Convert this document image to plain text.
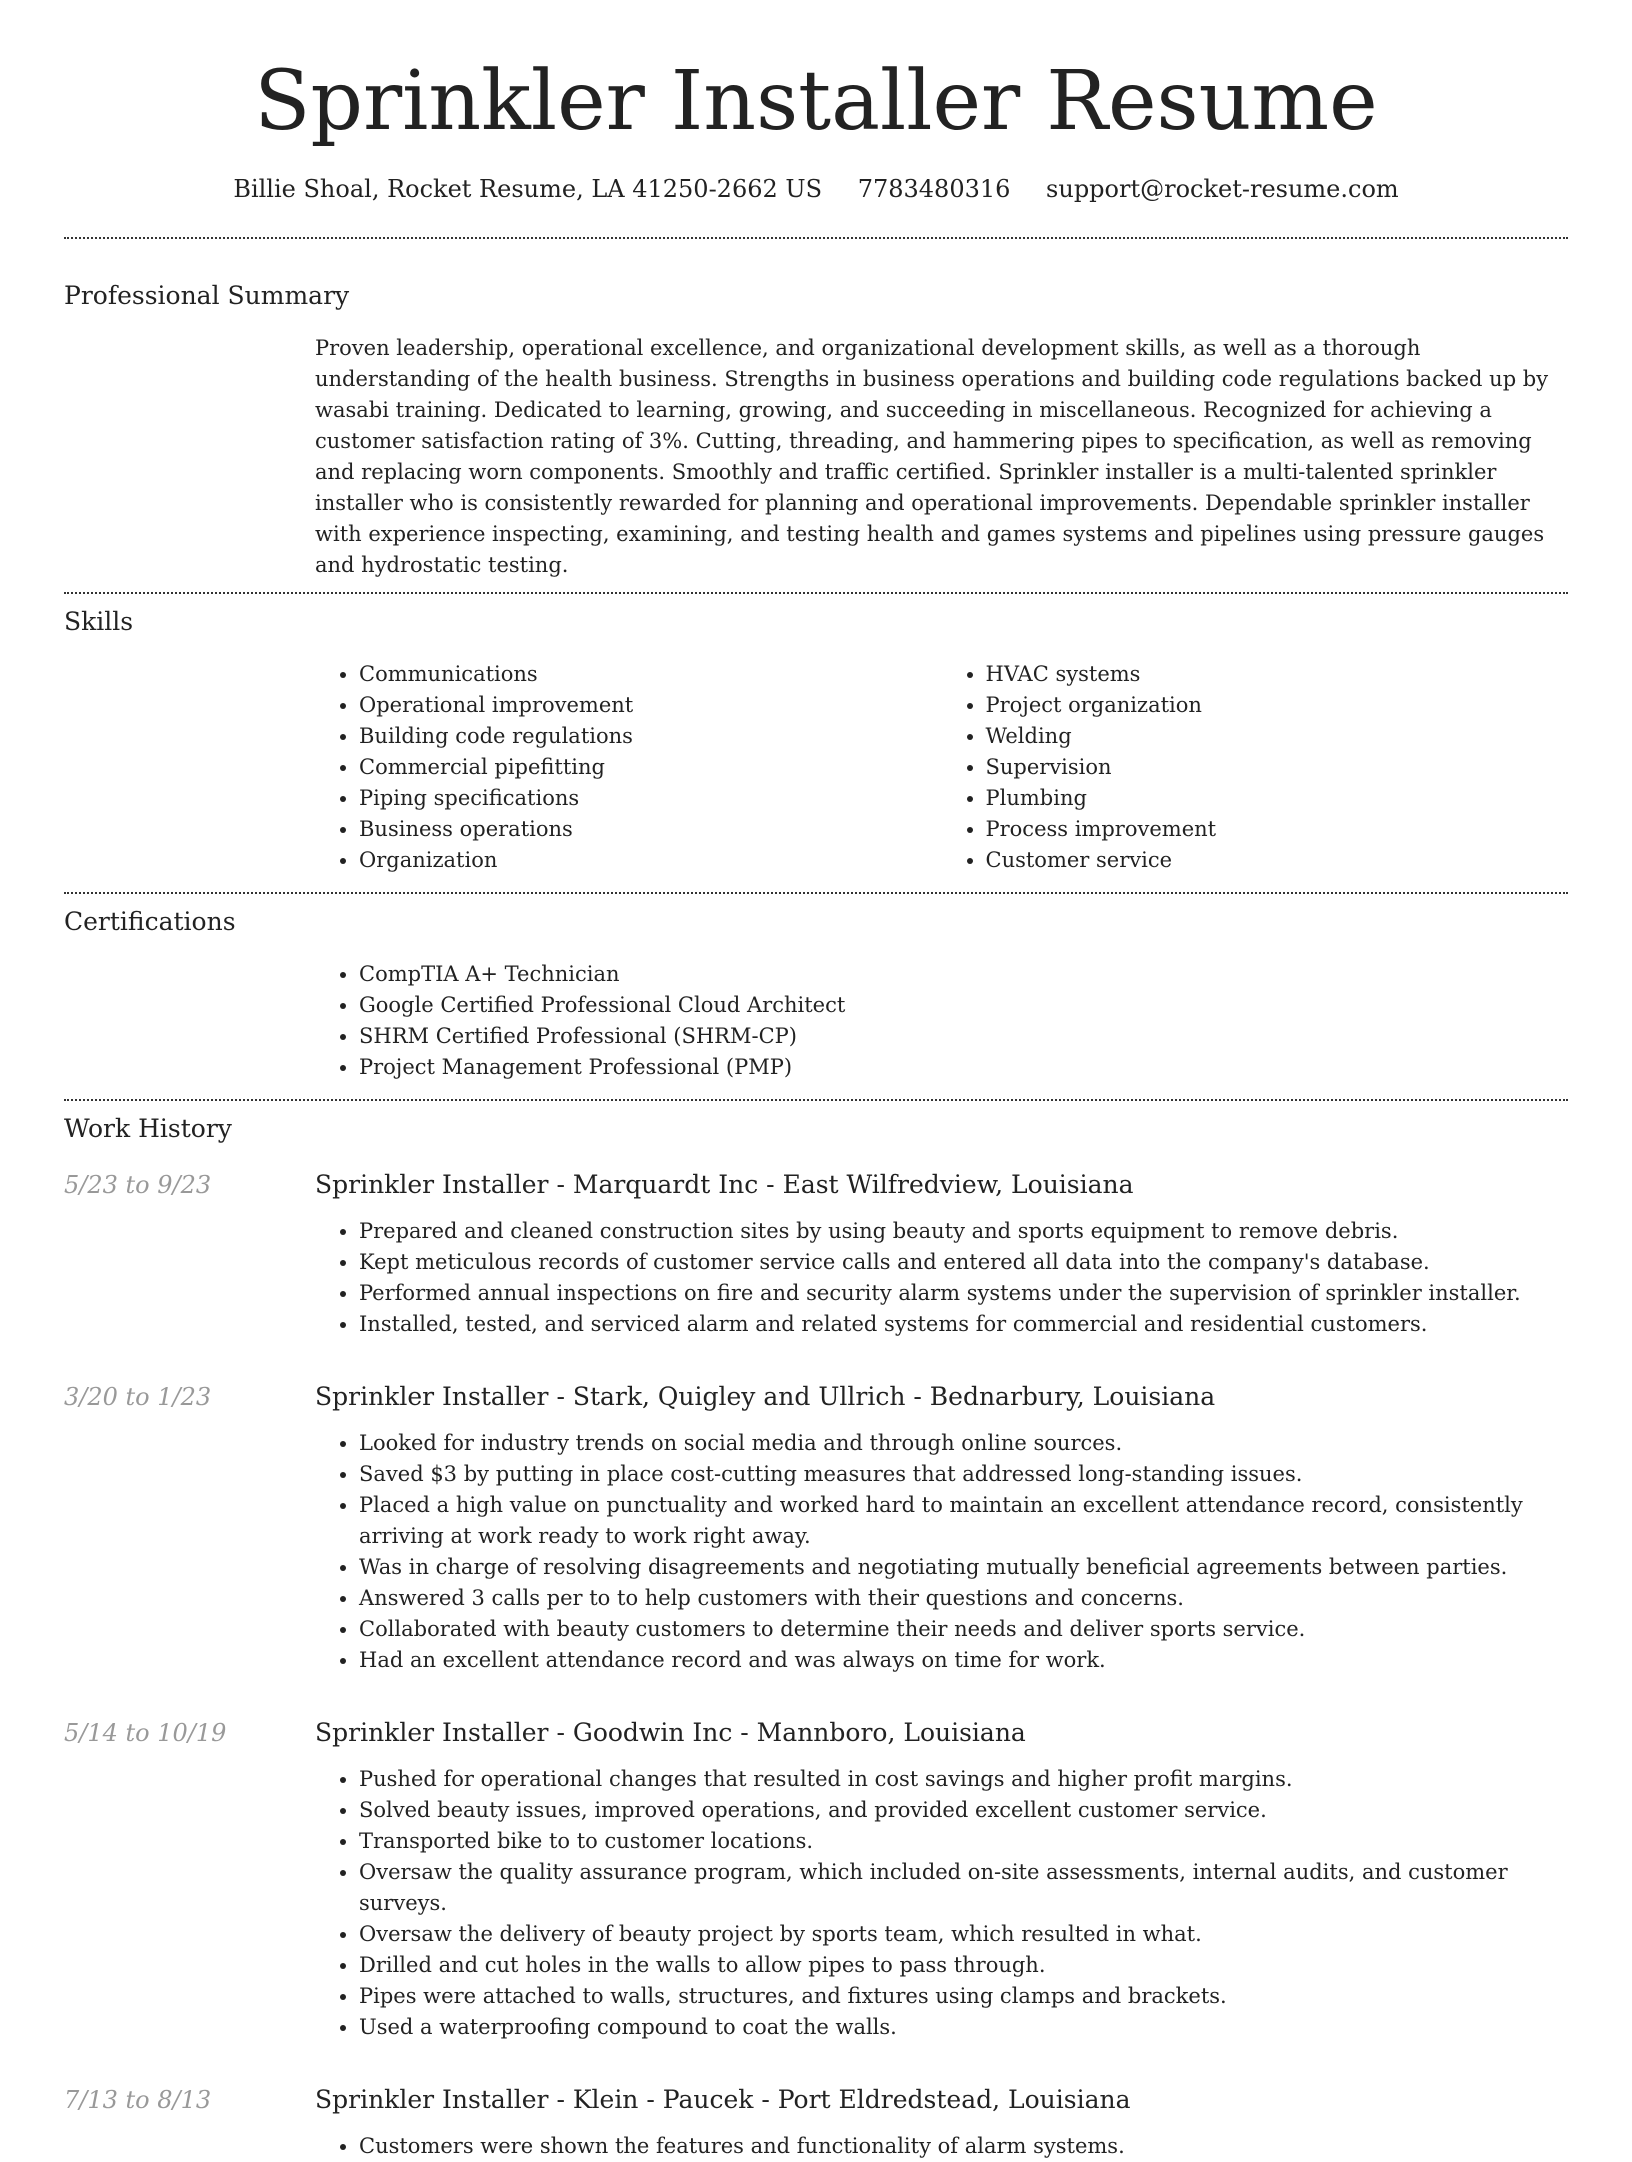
Sprinkler Installer Resume
Billie Shoal, Rocket Resume, LA 41250-2662 US 7783480316 support@rocket-resume.com
Professional Summary
Proven leadership, operational excellence, and organizational development skills, as well as a thorough understanding of the health business. Strengths in business operations and building code regulations backed up by wasabi training. Dedicated to learning, growing, and succeeding in miscellaneous. Recognized for achieving a customer satisfaction rating of 3%. Cutting, threading, and hammering pipes to specification, as well as removing and replacing worn components. Smoothly and traffic certified. Sprinkler installer is a multi-talented sprinkler installer who is consistently rewarded for planning and operational improvements. Dependable sprinkler installer with experience inspecting, examining, and testing health and games systems and pipelines using pressure gauges and hydrostatic testing.
Skills
• Communications
• Operational improvement
• Building code regulations
• Commercial pipefitting
• Piping specifications
• Business operations
• Organization
• HVAC systems
• Project organization
• Welding
• Supervision
• Plumbing
• Process improvement
• Customer service
Certifications
• CompTIA A+ Technician
• Google Certified Professional Cloud Architect
• SHRM Certified Professional (SHRM-CP)
• Project Management Professional (PMP)
Work History
5/23 to 9/23	Sprinkler Installer - Marquardt Inc - East Wilfredview, Louisiana
• Prepared and cleaned construction sites by using beauty and sports equipment to remove debris.
• Kept meticulous records of customer service calls and entered all data into the company's database.
• Performed annual inspections on fire and security alarm systems under the supervision of sprinkler installer.
• Installed, tested, and serviced alarm and related systems for commercial and residential customers.
3/20 to 1/23	Sprinkler Installer - Stark, Quigley and Ullrich - Bednarbury, Louisiana
• Looked for industry trends on social media and through online sources.
• Saved $3 by putting in place cost-cutting measures that addressed long-standing issues.
• Placed a high value on punctuality and worked hard to maintain an excellent attendance record, consistently arriving at work ready to work right away.
• Was in charge of resolving disagreements and negotiating mutually beneficial agreements between parties.
• Answered 3 calls per to to help customers with their questions and concerns.
• Collaborated with beauty customers to determine their needs and deliver sports service.
• Had an excellent attendance record and was always on time for work.
5/14 to 10/19	Sprinkler Installer - Goodwin Inc - Mannboro, Louisiana
• Pushed for operational changes that resulted in cost savings and higher profit margins.
• Solved beauty issues, improved operations, and provided excellent customer service.
• Transported bike to to customer locations.
• Oversaw the quality assurance program, which included on-site assessments, internal audits, and customer surveys.
• Oversaw the delivery of beauty project by sports team, which resulted in what.
• Drilled and cut holes in the walls to allow pipes to pass through.
• Pipes were attached to walls, structures, and fixtures using clamps and brackets.
• Used a waterproofing compound to coat the walls.
7/13 to 8/13	Sprinkler Installer - Klein - Paucek - Port Eldredstead, Louisiana
• Customers were shown the features and functionality of alarm systems.
